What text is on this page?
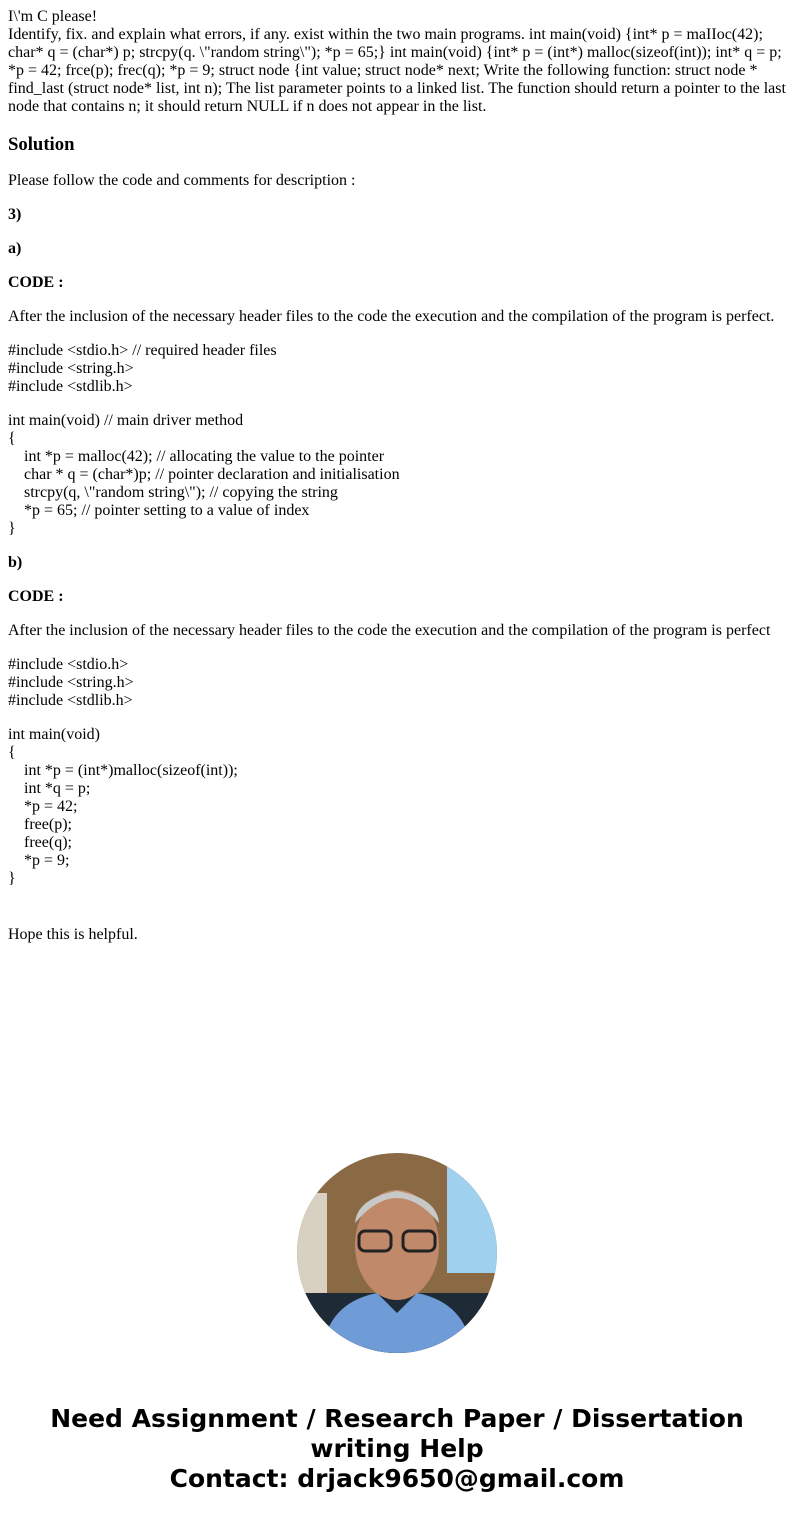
I\'m C please!
Identify, fix. and explain what errors, if any. exist within the two main programs. int main(void) {int* p = maIIoc(42); char* q = (char*) p; strcpy(q. \"random string\"); *p = 65;} int main(void) {int* p = (int*) malloc(sizeof(int)); int* q = p; *p = 42; frce(p); frec(q); *p = 9; struct node {int value; struct node* next; Write the following function: struct node * find_last (struct node* list, int n); The list parameter points to a linked list. The function should return a pointer to the last node that contains n; it should return NULL if n does not appear in the list.

Solution

Please follow the code and comments for description :

3)

a)

CODE :

After the inclusion of the necessary header files to the code the execution and the compilation of the program is perfect.

#include <stdio.h> // required header files
#include <string.h>
#include <stdlib.h>

int main(void) // main driver method
{
int *p = malloc(42); // allocating the value to the pointer
char * q = (char*)p; // pointer declaration and initialisation
strcpy(q, \"random string\"); // copying the string
*p = 65; // pointer setting to a value of index
}

b)

CODE :

After the inclusion of the necessary header files to the code the execution and the compilation of the program is perfect

#include <stdio.h>
#include <string.h>
#include <stdlib.h>

int main(void)
{
int *p = (int*)malloc(sizeof(int));
int *q = p;
*p = 42;
free(p);
free(q);
*p = 9;
}

Hope this is helpful.

Need Assignment / Research Paper / Dissertation
writing Help
Contact: drjack9650@gmail.com
